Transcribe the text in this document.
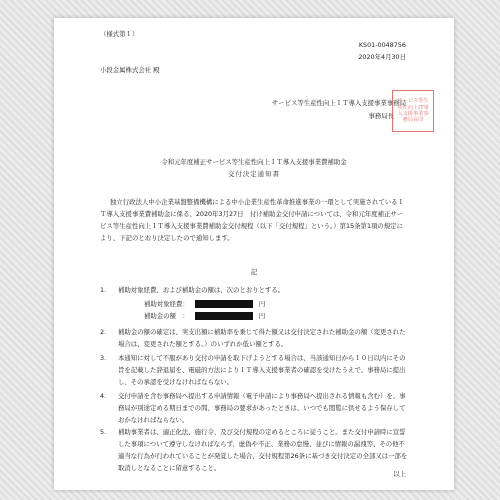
（様式第１）
KS01-0048756
2020年4月30日
小段金属株式会社 殿
サービス等生産性向上ＩＴ導入支援事業事務局
事務局長
サービス等生産性向上IT導入支援事業事務局長印
令和元年度補正サービス等生産性向上ＩＴ導入支援事業費補助金
交付決定通知書
独立行政法人中小企業基盤整備機構による中小企業生産性革命推進事業の一環として実施されているＩＴ導入支援事業費補助金に係る、2020年3月27日　付け補助金交付申請については、令和元年度補正サービス等生産性向上ＩＴ導入支援事業費補助金交付規程（以下「交付規程」という。）第15条第1項の規定により、下記のとおり決定したので通知します。
記
1. 補助対象経費、および補助金の額は、次のとおりとする。
補助対象経費：	円
補助金の額　：	円
2. 補助金の額の確定は、実支出額に補助率を乗じて得た額又は交付決定された補助金の額（変更された場合は、変更された額とする。）のいずれか低い額とする。
3. 本通知に対して不服があり交付の申請を取下げようとする場合は、当該通知日から１０日以内にその旨を記載した辞退届を、電磁的方法によりＩＴ導入支援事業者の確認を受けたうえで、事務局に提出し、その承認を受けなければならない。
4. 交付申請を含む事務局へ提出する申請情報（電子申請により事務局へ提出される情報も含む）を、事務局が別途定める期日までの間、事務局の要求があったときは、いつでも閲覧に供せるよう保存しておかなければならない。
5. 補助事業者は、適正化法、施行令、及び交付規程の定めるところに従うこと。また交付申請時に宣誓した事項について遵守しなければならず、虚偽や不正、業務の怠慢、並びに情報の漏洩等、その他不適当な行為が行われていることが発覚した場合、交付規程第26条に基づき交付決定の全部又は一部を取消しとなることに留意すること。
以上
